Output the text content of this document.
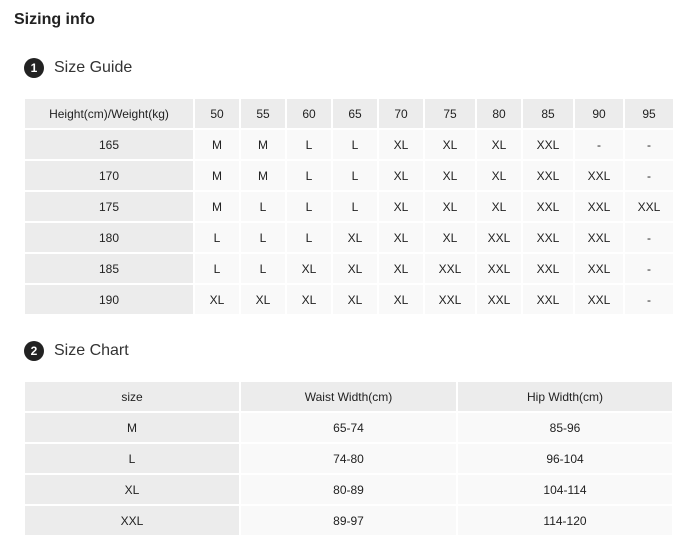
Sizing info
1	Size Guide
Height(cm)/Weight(kg)	50	55	60	65	70	75	80	85	90	95
165	M	M	L	L	XL	XL	XL	XXL	-	-
170	M	M	L	L	XL	XL	XL	XXL	XXL	-
175	M	L	L	L	XL	XL	XL	XXL	XXL	XXL
180	L	L	L	XL	XL	XL	XXL	XXL	XXL	-
185	L	L	XL	XL	XL	XXL	XXL	XXL	XXL	-
190	XL	XL	XL	XL	XL	XXL	XXL	XXL	XXL	-
2	Size Chart
size	Waist Width(cm)	Hip Width(cm)
M	65-74	85-96
L	74-80	96-104
XL	80-89	104-114
XXL	89-97	114-120
